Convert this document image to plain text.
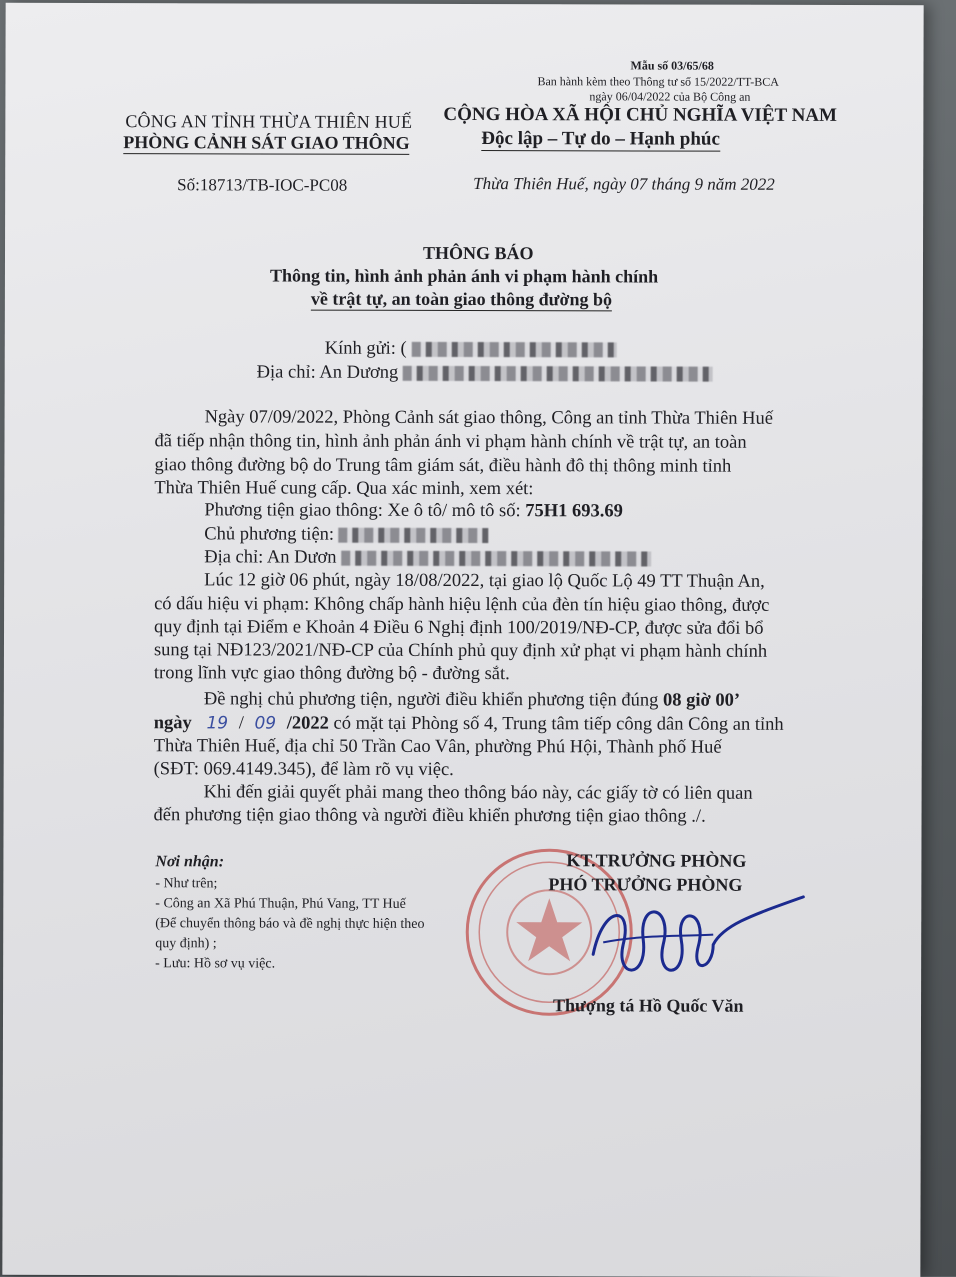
Mẫu số 03/65/68
Ban hành kèm theo Thông tư số 15/2022/TT-BCA
ngày 06/04/2022 của Bộ Công an
CÔNG AN TỈNH THỪA THIÊN HUẾ
PHÒNG CẢNH SÁT GIAO THÔNG
CỘNG HÒA XÃ HỘI CHỦ NGHĨA VIỆT NAM
Độc lập – Tự do – Hạnh phúc
Số:18713/TB-IOC-PC08	Thừa Thiên Huế, ngày 07 tháng 9 năm 2022
THÔNG BÁO
Thông tin, hình ảnh phản ánh vi phạm hành chính
về trật tự, an toàn giao thông đường bộ
Kính gửi: (
Địa chỉ: An Dương
Ngày 07/09/2022, Phòng Cảnh sát giao thông, Công an tỉnh Thừa Thiên Huế
đã tiếp nhận thông tin, hình ảnh phản ánh vi phạm hành chính về trật tự, an toàn
giao thông đường bộ do Trung tâm giám sát, điều hành đô thị thông minh tỉnh
Thừa Thiên Huế cung cấp. Qua xác minh, xem xét:
Phương tiện giao thông: Xe ô tô/ mô tô số: 75H1 693.69
Chủ phương tiện:
Địa chỉ: An Dươn
Lúc 12 giờ 06 phút, ngày 18/08/2022, tại giao lộ Quốc Lộ 49 TT Thuận An,
có dấu hiệu vi phạm: Không chấp hành hiệu lệnh của đèn tín hiệu giao thông, được
quy định tại Điểm e Khoản 4 Điều 6 Nghị định 100/2019/NĐ-CP, được sửa đổi bổ
sung tại NĐ123/2021/NĐ-CP của Chính phủ quy định xử phạt vi phạm hành chính
trong lĩnh vực giao thông đường bộ - đường sắt.
Đề nghị chủ phương tiện, người điều khiển phương tiện đúng 08 giờ 00’
ngày 19 / 09 /2022 có mặt tại Phòng số 4, Trung tâm tiếp công dân Công an tỉnh
Thừa Thiên Huế, địa chỉ 50 Trần Cao Vân, phường Phú Hội, Thành phố Huế
(SĐT: 069.4149.345), để làm rõ vụ việc.
Khi đến giải quyết phải mang theo thông báo này, các giấy tờ có liên quan
đến phương tiện giao thông và người điều khiển phương tiện giao thông ./.
Nơi nhận:
- Như trên;
- Công an Xã Phú Thuận, Phú Vang, TT Huế
(Để chuyển thông báo và đề nghị thực hiện theo
quy định) ;
- Lưu: Hồ sơ vụ việc.
KT.TRƯỞNG PHÒNG
PHÓ TRƯỞNG PHÒNG
Thượng tá Hồ Quốc Văn
